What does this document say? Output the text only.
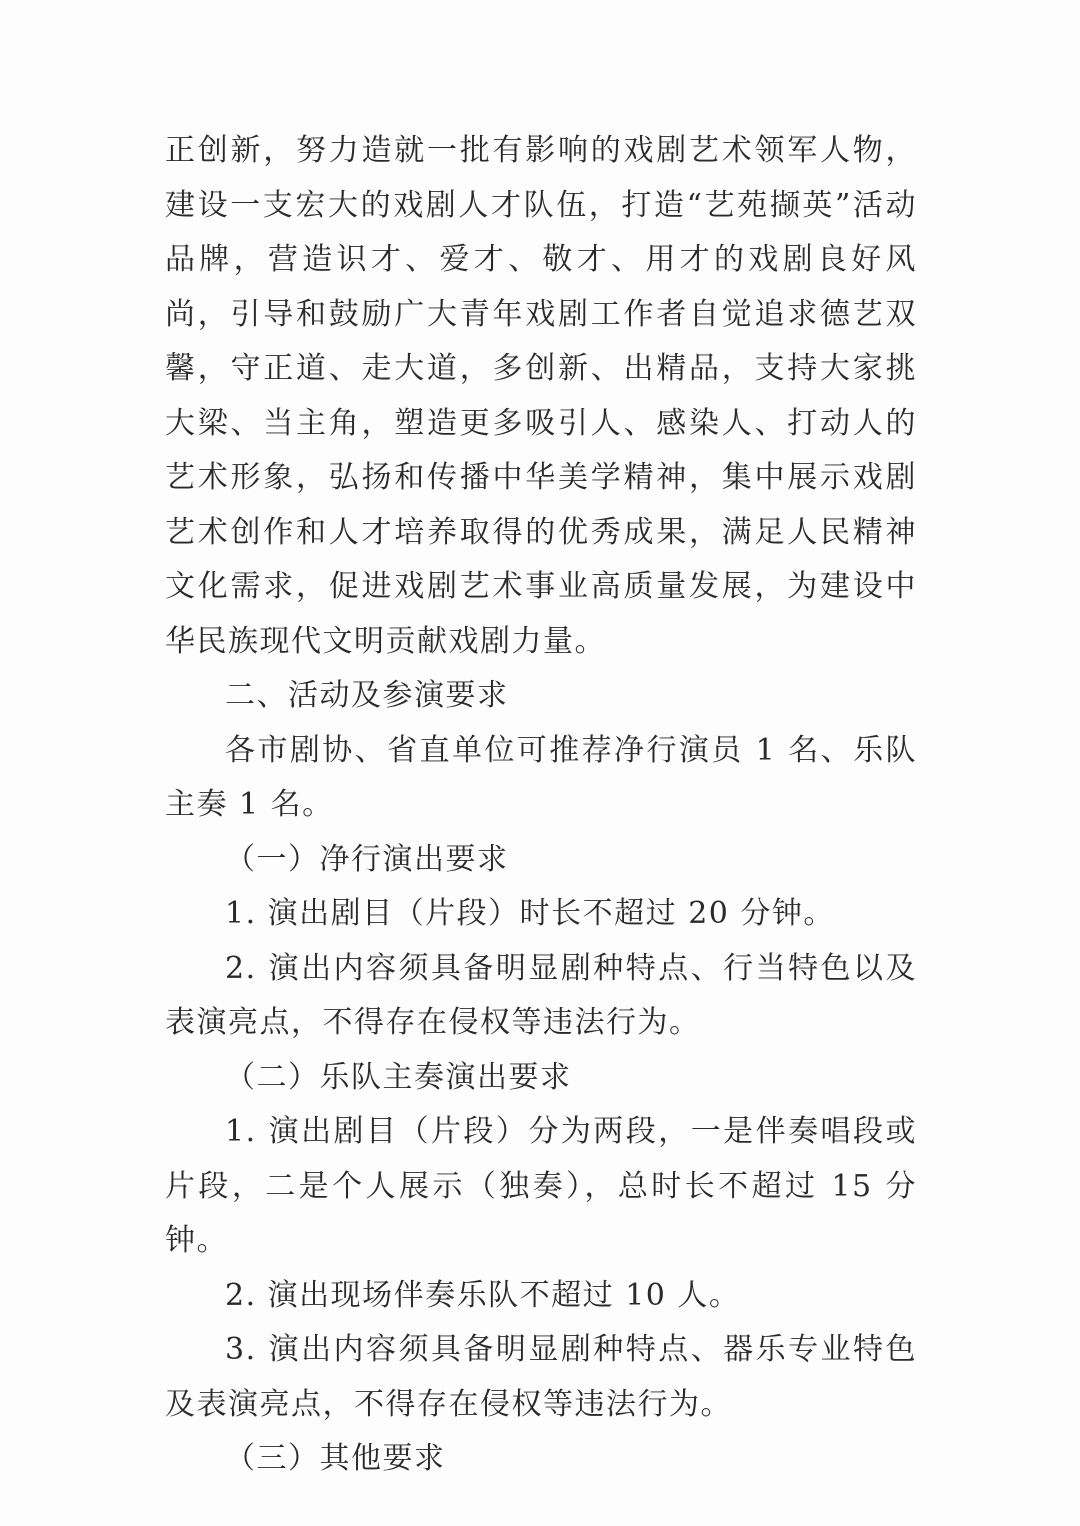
正创新，努力造就一批有影响的戏剧艺术领军人物，建设一支宏大的戏剧人才队伍，打造“艺苑撷英”活动品牌，营造识才、爱才、敬才、用才的戏剧良好风尚，引导和鼓励广大青年戏剧工作者自觉追求德艺双馨，守正道、走大道，多创新、出精品，支持大家挑大梁、当主角，塑造更多吸引人、感染人、打动人的艺术形象，弘扬和传播中华美学精神，集中展示戏剧艺术创作和人才培养取得的优秀成果，满足人民精神文化需求，促进戏剧艺术事业高质量发展，为建设中华民族现代文明贡献戏剧力量。

二、活动及参演要求

各市剧协、省直单位可推荐净行演员 1 名、乐队主奏 1 名。

（一）净行演出要求

1. 演出剧目（片段）时长不超过 20 分钟。

2. 演出内容须具备明显剧种特点、行当特色以及表演亮点，不得存在侵权等违法行为。

（二）乐队主奏演出要求

1. 演出剧目（片段）分为两段，一是伴奏唱段或片段，二是个人展示（独奏），总时长不超过 15 分钟。

2. 演出现场伴奏乐队不超过 10 人。

3. 演出内容须具备明显剧种特点、器乐专业特色及表演亮点，不得存在侵权等违法行为。

（三）其他要求
